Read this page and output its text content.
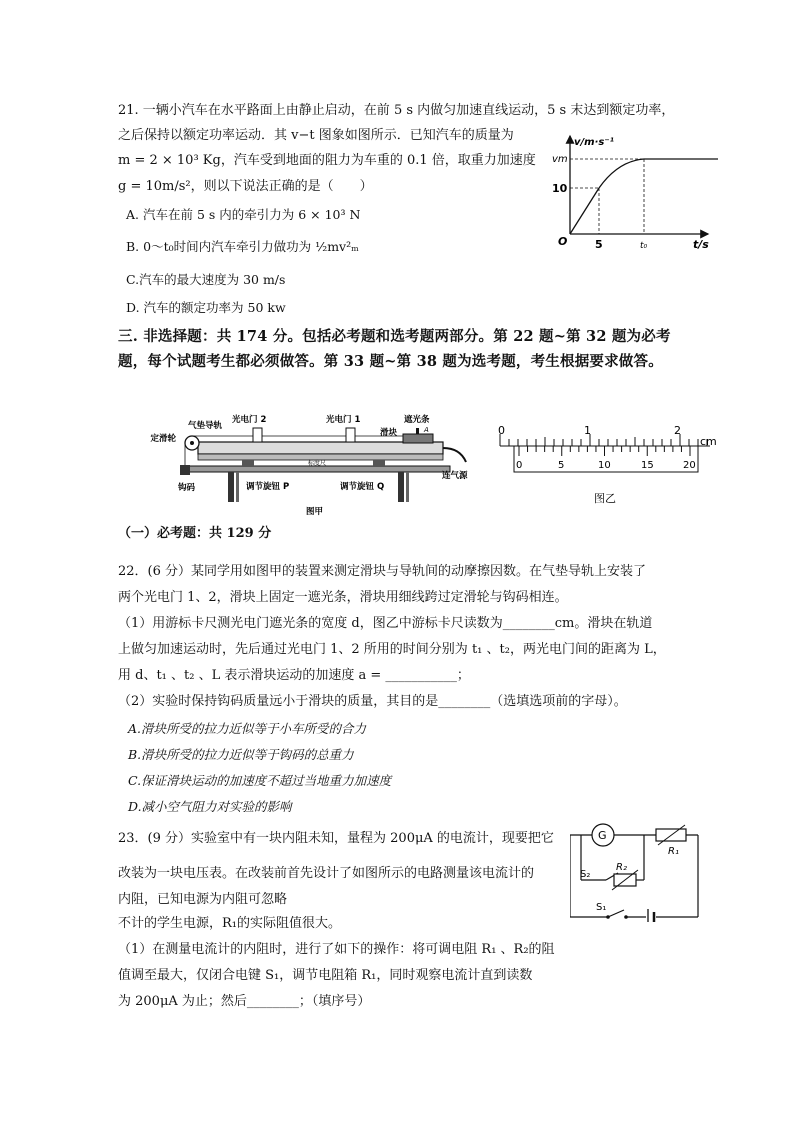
21. 一辆小汽车在水平路面上由静止启动，在前 5 s 内做匀加速直线运动，5 s 末达到额定功率，
之后保持以额定功率运动．其 v−t 图象如图所示．已知汽车的质量为
m = 2 × 10³ Kg，汽车受到地面的阻力为车重的 0.1 倍，取重力加速度
g = 10m/s²，则以下说法正确的是（　　）
A. 汽车在前 5 s 内的牵引力为 6 × 10³ N
B. 0～t₀时间内汽车牵引力做功为 ½mv²ₘ
C.汽车的最大速度为 30 m/s
D. 汽车的额定功率为 50 kw
v/m·s⁻¹
vm
10
O	5	t₀	t/s
三. 非选择题：共 174 分。包括必考题和选考题两部分。第 22 题~第 32 题为必考
题，每个试题考生都必须做答。第 33 题~第 38 题为选考题，考生根据要求做答。
定滑轮
气垫导轨
光电门 2	光电门 1	遮光条
滑块	A
钩码
标度尺
调节旋钮 P	调节旋钮 Q
连气源
图甲
0	1	2
cm
0	5	10	15	20
图乙
（一）必考题：共 129 分
22．(6 分）某同学用如图甲的装置来测定滑块与导轨间的动摩擦因数。在气垫导轨上安装了
两个光电门 1、2，滑块上固定一遮光条，滑块用细线跨过定滑轮与钩码相连。
（1）用游标卡尺测光电门遮光条的宽度 d，图乙中游标卡尺读数为________cm。滑块在轨道
上做匀加速运动时，先后通过光电门 1、2 所用的时间分别为 t₁ 、t₂，两光电门间的距离为 L，
用 d、t₁ 、t₂ 、L 表示滑块运动的加速度 a = ___________；
（2）实验时保持钩码质量远小于滑块的质量，其目的是________（选填选项前的字母）。
A.滑块所受的拉力近似等于小车所受的合力
B.滑块所受的拉力近似等于钩码的总重力
C.保证滑块运动的加速度不超过当地重力加速度
D.减小空气阻力对实验的影响
23．(9 分）实验室中有一块内阻未知，量程为 200μA 的电流计，现要把它
改装为一块电压表。在改装前首先设计了如图所示的电路测量该电流计的
内阻，已知电源为内阻可忽略
不计的学生电源，R₁的实际阻值很大。
（1）在测量电流计的内阻时，进行了如下的操作：将可调电阻 R₁ 、R₂的阻
值调至最大，仅闭合电键 S₁，调节电阻箱 R₁，同时观察电流计直到读数
为 200μA 为止；然后________；（填序号）
G
R₁
S₂
R₂
S₁
